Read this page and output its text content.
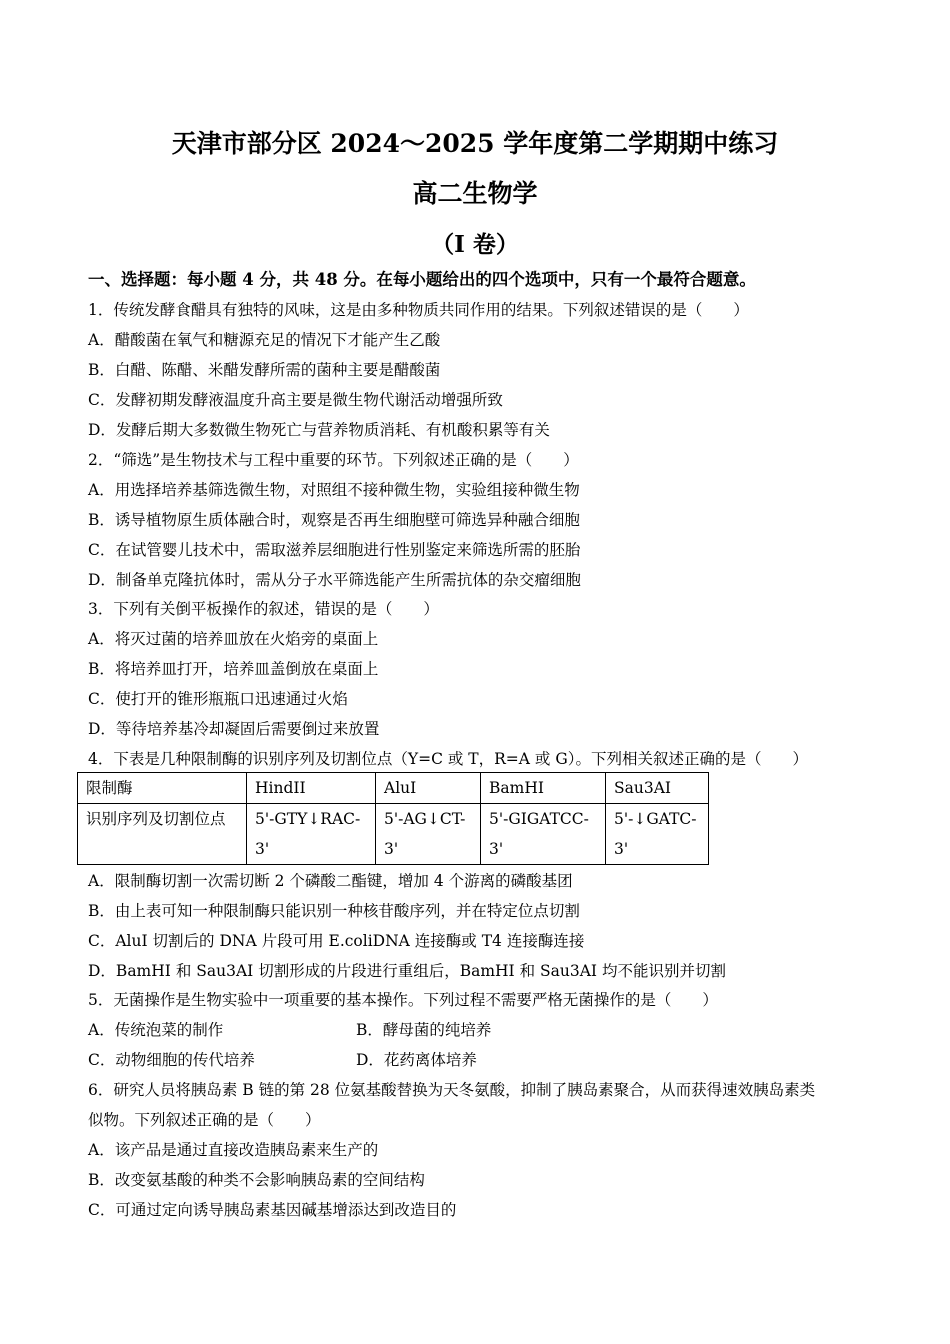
天津市部分区 2024～2025 学年度第二学期期中练习
高二生物学
（I 卷）
一、选择题：每小题 4 分，共 48 分。在每小题给出的四个选项中，只有一个最符合题意。
1．传统发酵食醋具有独特的风味，这是由多种物质共同作用的结果。下列叙述错误的是（　　）
A．醋酸菌在氧气和糖源充足的情况下才能产生乙酸
B．白醋、陈醋、米醋发酵所需的菌种主要是醋酸菌
C．发酵初期发酵液温度升高主要是微生物代谢活动增强所致
D．发酵后期大多数微生物死亡与营养物质消耗、有机酸积累等有关
2．“筛选”是生物技术与工程中重要的环节。下列叙述正确的是（　　）
A．用选择培养基筛选微生物，对照组不接种微生物，实验组接种微生物
B．诱导植物原生质体融合时，观察是否再生细胞壁可筛选异种融合细胞
C．在试管婴儿技术中，需取滋养层细胞进行性别鉴定来筛选所需的胚胎
D．制备单克隆抗体时，需从分子水平筛选能产生所需抗体的杂交瘤细胞
3．下列有关倒平板操作的叙述，错误的是（　　）
A．将灭过菌的培养皿放在火焰旁的桌面上
B．将培养皿打开，培养皿盖倒放在桌面上
C．使打开的锥形瓶瓶口迅速通过火焰
D．等待培养基冷却凝固后需要倒过来放置
4．下表是几种限制酶的识别序列及切割位点（Y=C 或 T，R=A 或 G）。下列相关叙述正确的是（　　）
限制酶	HindII	AluI	BamHI	Sau3AI
识别序列及切割位点	5'-GTY↓RAC-3'	5'-AG↓CT-3'	5'-GIGATCC-3'	5'-↓GATC-3'
A．限制酶切割一次需切断 2 个磷酸二酯键，增加 4 个游离的磷酸基团
B．由上表可知一种限制酶只能识别一种核苷酸序列，并在特定位点切割
C．AluI 切割后的 DNA 片段可用 E.coliDNA 连接酶或 T4 连接酶连接
D．BamHI 和 Sau3AI 切割形成的片段进行重组后，BamHI 和 Sau3AI 均不能识别并切割
5．无菌操作是生物实验中一项重要的基本操作。下列过程不需要严格无菌操作的是（　　）
A．传统泡菜的制作	B．酵母菌的纯培养
C．动物细胞的传代培养	D．花药离体培养
6．研究人员将胰岛素 B 链的第 28 位氨基酸替换为天冬氨酸，抑制了胰岛素聚合，从而获得速效胰岛素类
似物。下列叙述正确的是（　　）
A．该产品是通过直接改造胰岛素来生产的
B．改变氨基酸的种类不会影响胰岛素的空间结构
C．可通过定向诱导胰岛素基因碱基增添达到改造目的
